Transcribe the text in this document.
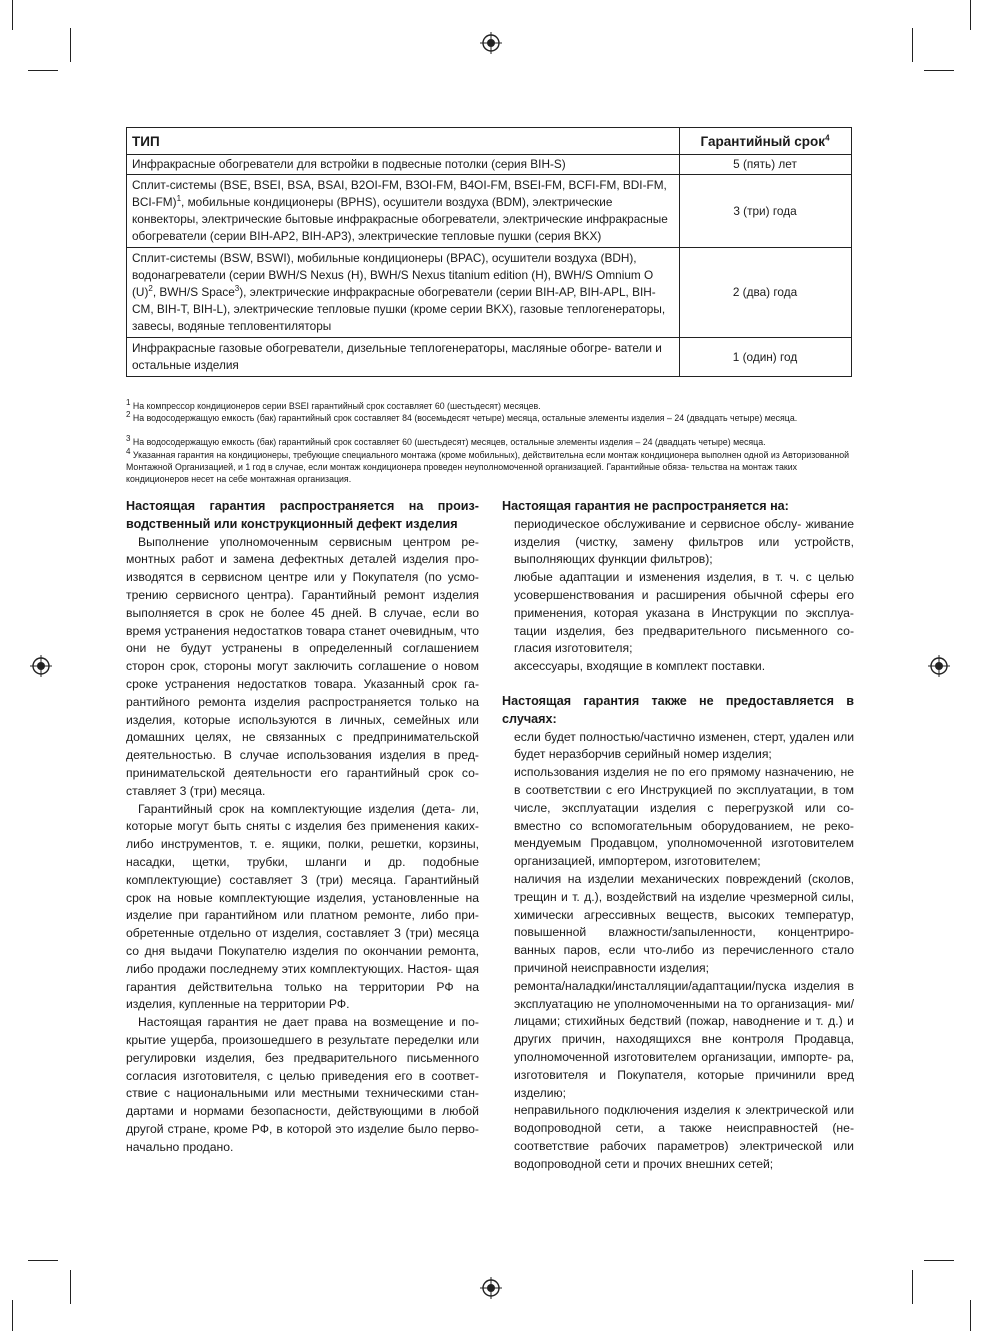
ТИП	Гарантийный срок$^4$
Инфракрасные обогреватели для встройки в подвесные потолки (серия BIH-S)	5 (пять) лет
Сплит-системы (BSE, BSEI, BSA, BSAI, B2OI-FM, B3OI-FM, B4OI-FM, BSEI-FM, BCFI-FM, BDI-FM, BCI-FM)$^1$, мобильные кондиционеры (BPHS), осушители воздуха (BDM), электрические конвекторы, электрические бытовые инфракрасные обогреватели, электрические инфракрасные обогреватели (серии BIH-AP2, BIH-AP3), электрические тепловые пушки (серия BKX)	3 (три) года
Сплит-системы (BSW, BSWI), мобильные кондиционеры (BPAC), осушители воздуха (BDH), водонагреватели (серии BWH/S Nexus (H), BWH/S Nexus titanium edition (H), BWH/S Omnium O $(U)^2$, BWH/S Space$^3$), электрические инфракрасные обогреватели (серии BIH-AP, BIH-APL, BIH-CM, BIH-T, BIH-L), электрические тепловые пушки (кроме серии BKX), газовые теплогенераторы, завесы, водяные тепловентиляторы	2 (два) года
Инфракрасные газовые обогреватели, дизельные теплогенераторы, масляные обогре- ватели и остальные изделия	1 (один) год
$^1$ На компрессор кондиционеров серии BSEI гарантийный срок составляет 60 (шестьдесят) месяцев.
$^2$ На водосодержащую емкость (бак) гарантийный срок составляет 84 (восемьдесят четыре) месяца, остальные элементы изделия – 24 (двадцать четыре) месяца.
$^3$ На водосодержащую емкость (бак) гарантийный срок составляет 60 (шестьдесят) месяцев, остальные элементы изделия – 24 (двадцать четыре) месяца.
$^4$ Указанная гарантия на кондиционеры, требующие специального монтажа (кроме мобильных), действительна если монтаж кондиционера выполнен одной из Авторизованной Монтажной Организацией, и 1 год в случае, если монтаж кондиционера проведен неуполномоченной организацией. Гарантийные обяза- тельства на монтаж таких кондиционеров несет на себе монтажная организация.
Настоящая гарантия распространяется на произ- водственный или конструкционный дефект изделия

Выполнение уполномоченным сервисным центром ре- монтных работ и замена дефектных деталей изделия про- изводятся в сервисном центре или у Покупателя (по усмо- трению сервисного центра). Гарантийный ремонт изделия выполняется в срок не более 45 дней. В случае, если во время устранения недостатков товара станет очевидным, что они не будут устранены в определенный соглашением сторон срок, стороны могут заключить соглашение о новом сроке устранения недостатков товара. Указанный срок га- рантийного ремонта изделия распространяется только на изделия, которые используются в личных, семейных или домашних целях, не связанных с предпринимательской деятельностью. В случае использования изделия в пред- принимательской деятельности его гарантийный срок со- ставляет 3 (три) месяца.

Гарантийный срок на комплектующие изделия (дета- ли, которые могут быть сняты с изделия без применения каких-либо инструментов, т. е. ящики, полки, решетки, корзины, насадки, щетки, трубки, шланги и др. подобные комплектующие) составляет 3 (три) месяца. Гарантийный срок на новые комплектующие изделия, установленные на изделие при гарантийном или платном ремонте, либо при- обретенные отдельно от изделия, составляет 3 (три) месяца со дня выдачи Покупателю изделия по окончании ремонта, либо продажи последнему этих комплектующих. Настоя- щая гарантия действительна только на территории РФ на изделия, купленные на территории РФ.

Настоящая гарантия не дает права на возмещение и по- крытие ущерба, произошедшего в результате переделки или регулировки изделия, без предварительного письменного согласия изготовителя, с целью приведения его в соответ- ствие с национальными или местными техническими стан- дартами и нормами безопасности, действующими в любой другой стране, кроме РФ, в которой это изделие было перво- начально продано.

Настоящая гарантия не распространяется на:
периодическое обслуживание и сервисное обслу- живание изделия (чистку, замену фильтров или устройств, выполняющих функции фильтров);
любые адаптации и изменения изделия, в т. ч. с целью усовершенствования и расширения обычной сферы его применения, которая указана в Инструкции по эксплуа- тации изделия, без предварительного письменного со- гласия изготовителя;
аксессуары, входящие в комплект поставки.
Настоящая гарантия также не предоставляется в случаях:
если будет полностью/частично изменен, стерт, удален или будет неразборчив серийный номер изделия;
использования изделия не по его прямому назначению, не в соответствии с его Инструкцией по эксплуатации, в том числе, эксплуатации изделия с перегрузкой или со- вместно со вспомогательным оборудованием, не реко- мендуемым Продавцом, уполномоченной изготовителем организацией, импортером, изготовителем;
наличия на изделии механических повреждений (сколов, трещин и т. д.), воздействий на изделие чрезмерной силы, химически агрессивных веществ, высоких температур, повышенной влажности/запыленности, концентриро- ванных паров, если что-либо из перечисленного стало причиной неисправности изделия;
ремонта/наладки/инсталляции/адаптации/пуска изделия в эксплуатацию не уполномоченными на то организация- ми/лицами; стихийных бедствий (пожар, наводнение и т. д.) и других причин, находящихся вне контроля Продавца, уполномоченной изготовителем организации, импорте- ра, изготовителя и Покупателя, которые причинили вред изделию;
неправильного подключения изделия к электрической или водопроводной сети, а также неисправностей (не- соответствие рабочих параметров) электрической или водопроводной сети и прочих внешних сетей;
